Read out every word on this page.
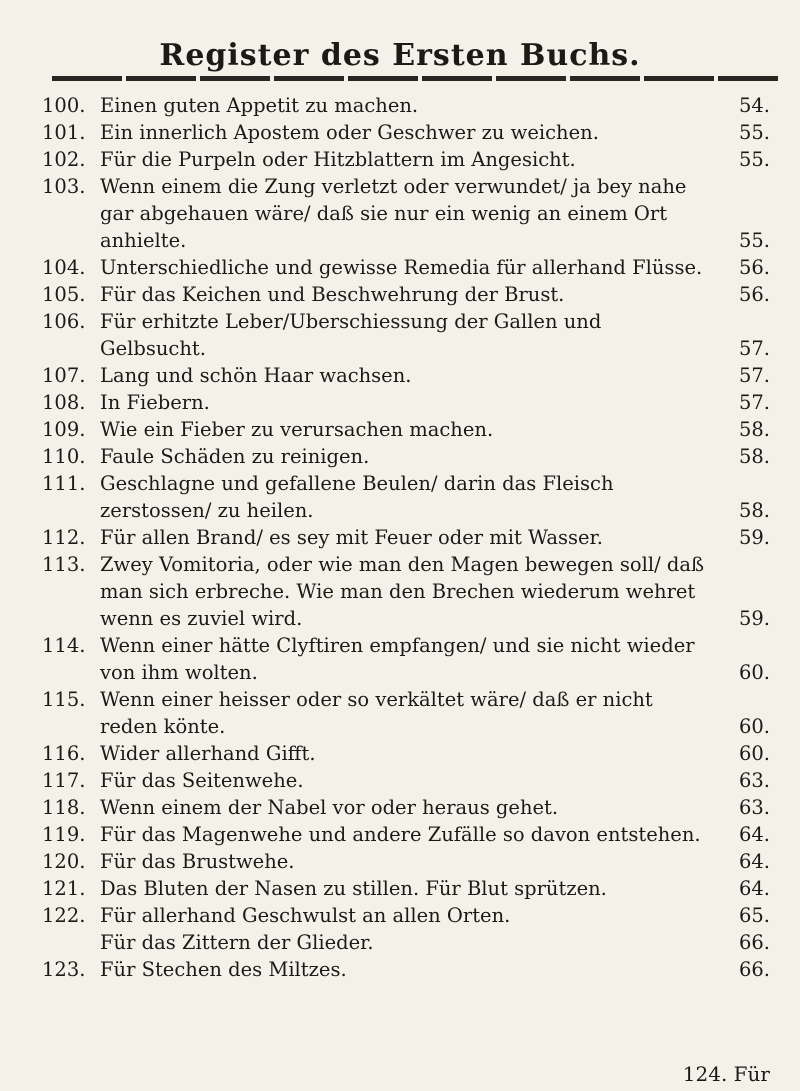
Register des Ersten Buchs.
100. Einen guten Appetit zu machen.	54.
101. Ein innerlich Apostem oder Geschwer zu weichen.	55.
102. Für die Purpeln oder Hitzblattern im Angesicht.	55.
103. Wenn einem die Zung verletzt oder verwundet/ ja bey nahe gar abgehauen wäre/ daß sie nur ein wenig an einem Ort anhielte.	55.
104. Unterschiedliche und gewisse Remedia für allerhand Flüsse.	56.
105. Für das Keichen und Beschwehrung der Brust.	56.
106. Für erhitzte Leber/Uberschiessung der Gallen und Gelbsucht.	57.
107. Lang und schön Haar wachsen.	57.
108. In Fiebern.	57.
109. Wie ein Fieber zu verursachen machen.	58.
110. Faule Schäden zu reinigen.	58.
111. Geschlagne und gefallene Beulen/ darin das Fleisch zerstossen/ zu heilen.	58.
112. Für allen Brand/ es sey mit Feuer oder mit Wasser.	59.
113. Zwey Vomitoria, oder wie man den Magen bewegen soll/ daß man sich erbreche. Wie man den Brechen wiederum wehret wenn es zuviel wird.	59.
114. Wenn einer hätte Clyftiren empfangen/ und sie nicht wieder von ihm wolten.	60.
115. Wenn einer heisser oder so verkältet wäre/ daß er nicht reden könte.	60.
116. Wider allerhand Gifft.	60.
117. Für das Seitenwehe.	63.
118. Wenn einem der Nabel vor oder heraus gehet.	63.
119. Für das Magenwehe und andere Zufälle so davon entstehen.	64.
120. Für das Brustwehe.	64.
121. Das Bluten der Nasen zu stillen. Für Blut sprützen.	64.
122. Für allerhand Geschwulst an allen Orten.	65.
Für das Zittern der Glieder.	66.
123. Für Stechen des Miltzes.	66.
124. Für
